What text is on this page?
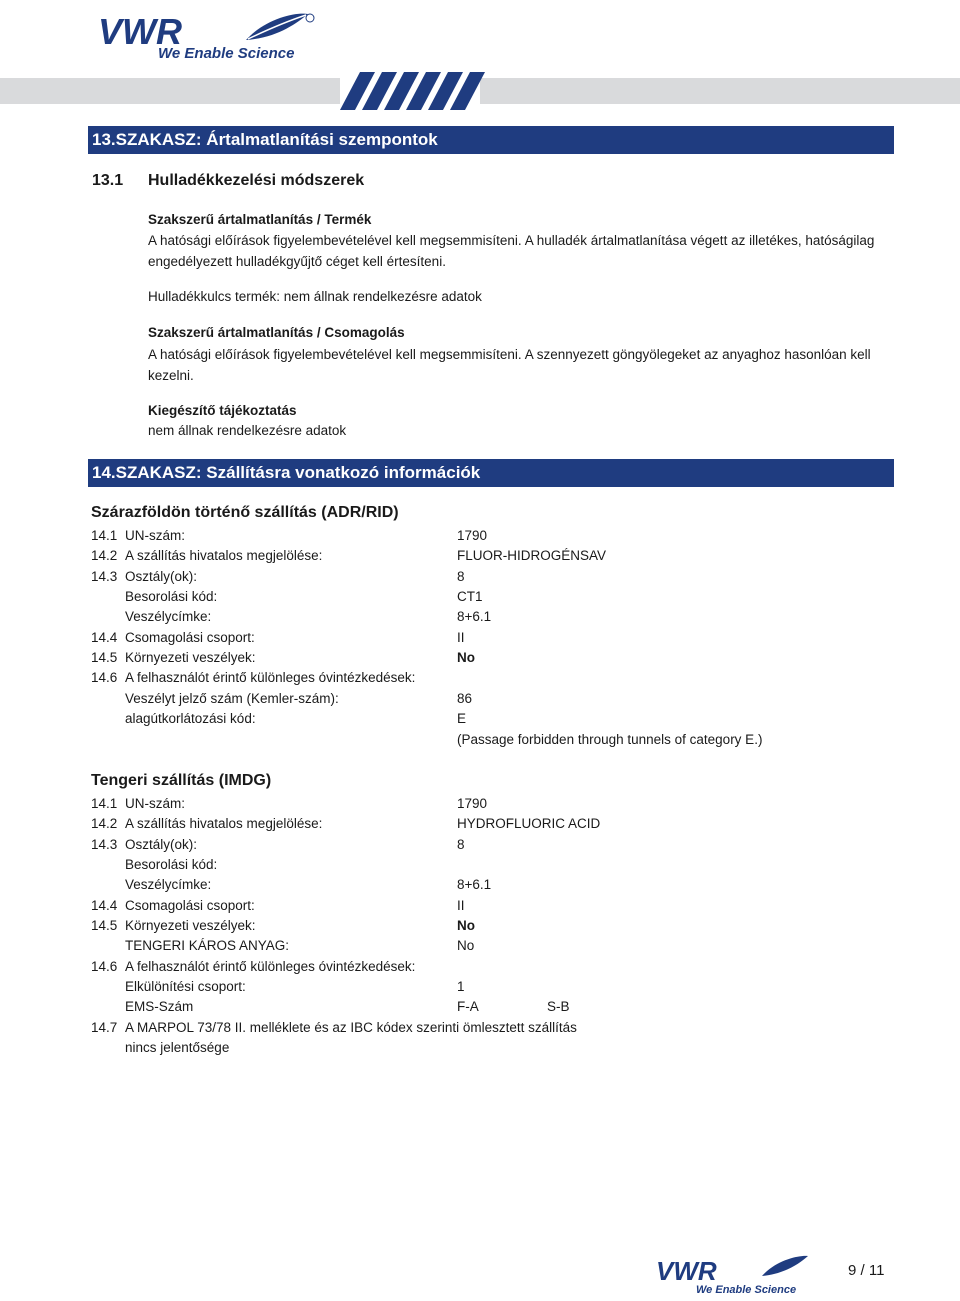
VWR
We Enable Science
13.SZAKASZ: Ártalmatlanítási szempontok
13.1 Hulladékkezelési módszerek
Szakszerű ártalmatlanítás / Termék
A hatósági előírások figyelembevételével kell megsemmisíteni. A hulladék ártalmatlanítása végett az illetékes, hatóságilag engedélyezett hulladékgyűjtő céget kell értesíteni.
Hulladékkulcs termék: nem állnak rendelkezésre adatok
Szakszerű ártalmatlanítás / Csomagolás
A hatósági előírások figyelembevételével kell megsemmisíteni. A szennyezett göngyölegeket az anyaghoz hasonlóan kell kezelni.
Kiegészítő tájékoztatás
nem állnak rendelkezésre adatok
14.SZAKASZ: Szállításra vonatkozó információk
Szárazföldön történő szállítás (ADR/RID)
14.1 UN-szám:	1790
14.2 A szállítás hivatalos megjelölése:	FLUOR-HIDROGÉNSAV
14.3 Osztály(ok):	8
Besorolási kód:	CT1
Veszélycímke:	8+6.1
14.4 Csomagolási csoport:	II
14.5 Környezeti veszélyek:	No
14.6 A felhasználót érintő különleges óvintézkedések:
Veszélyt jelző szám (Kemler-szám):	86
alagútkorlátozási kód:	E
(Passage forbidden through tunnels of category E.)
Tengeri szállítás (IMDG)
14.1 UN-szám:	1790
14.2 A szállítás hivatalos megjelölése:	HYDROFLUORIC ACID
14.3 Osztály(ok):	8
Besorolási kód:
Veszélycímke:	8+6.1
14.4 Csomagolási csoport:	II
14.5 Környezeti veszélyek:	No
TENGERI KÁROS ANYAG:	No
14.6 A felhasználót érintő különleges óvintézkedések:
Elkülönítési csoport:	1
EMS-Szám	F-A	S-B
14.7 A MARPOL 73/78 II. melléklete és az IBC kódex szerinti ömlesztett szállítás
nincs jelentősége
VWR
We Enable Science
9 / 11
